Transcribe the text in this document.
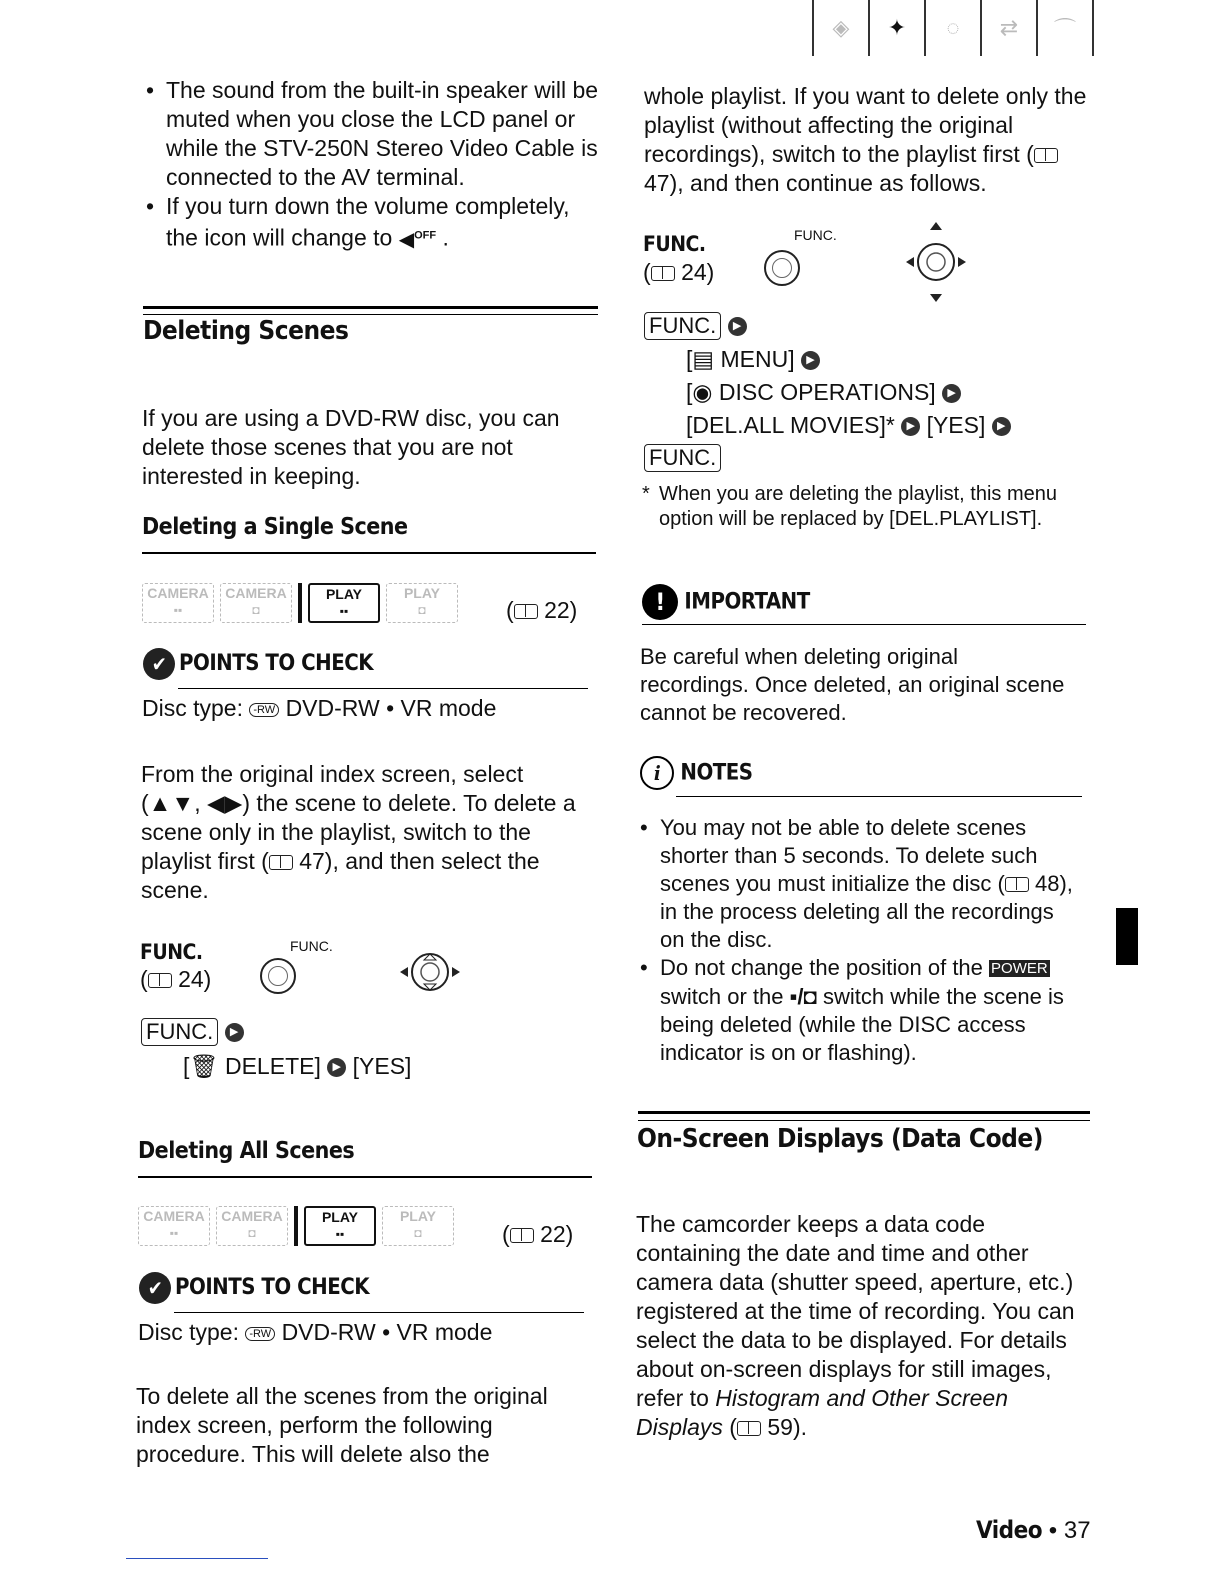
◈	✦	◌	⇄	⌒
• The sound from the built-in speaker will be muted when you close the LCD panel or while the STV-250N Stereo Video Cable is connected to the AV terminal.
• If you turn down the volume completely, the icon will change to ◀$^{OFF}$ .
Deleting Scenes
If you are using a DVD-RW disc, you can delete those scenes that you are not interested in keeping.
Deleting a Single Scene
CAMERA
▪▪
CAMERA
◘
PLAY
▪▪
PLAY
◘	( 22)
✔ POINTS TO CHECK
Disc type: -RW DVD-RW • VR mode
From the original index screen, select (▲▼, ◀▶) the scene to delete. To delete a scene only in the playlist, switch to the playlist first ( 47), and then select the scene.
FUNC.
( 24)
FUNC.
FUNC. ▶
[🗑 DELETE] ▶ [YES]
Deleting All Scenes
CAMERA
▪▪
CAMERA
◘
PLAY
▪▪
PLAY
◘	( 22)
✔ POINTS TO CHECK
Disc type: -RW DVD-RW • VR mode
To delete all the scenes from the original index screen, perform the following procedure. This will delete also the
whole playlist. If you want to delete only the playlist (without affecting the original recordings), switch to the playlist first ( 47), and then continue as follows.
FUNC.
( 24)
FUNC.
FUNC. ▶
[▤ MENU] ▶
[◉ DISC OPERATIONS] ▶
[DEL.ALL MOVIES]* ▶ [YES] ▶
FUNC.
* When you are deleting the playlist, this menu option will be replaced by [DEL.PLAYLIST].
! IMPORTANT
Be careful when deleting original recordings. Once deleted, an original scene cannot be recovered.
i NOTES
• You may not be able to delete scenes shorter than 5 seconds. To delete such scenes you must initialize the disc ( 48), in the process deleting all the recordings on the disc.
• Do not change the position of the POWER switch or the ▪/◘ switch while the scene is being deleted (while the DISC access indicator is on or flashing).
On-Screen Displays (Data Code)
The camcorder keeps a data code containing the date and time and other camera data (shutter speed, aperture, etc.) registered at the time of recording. You can select the data to be displayed. For details about on-screen displays for still images, refer to Histogram and Other Screen Displays ( 59).
Video • 37
